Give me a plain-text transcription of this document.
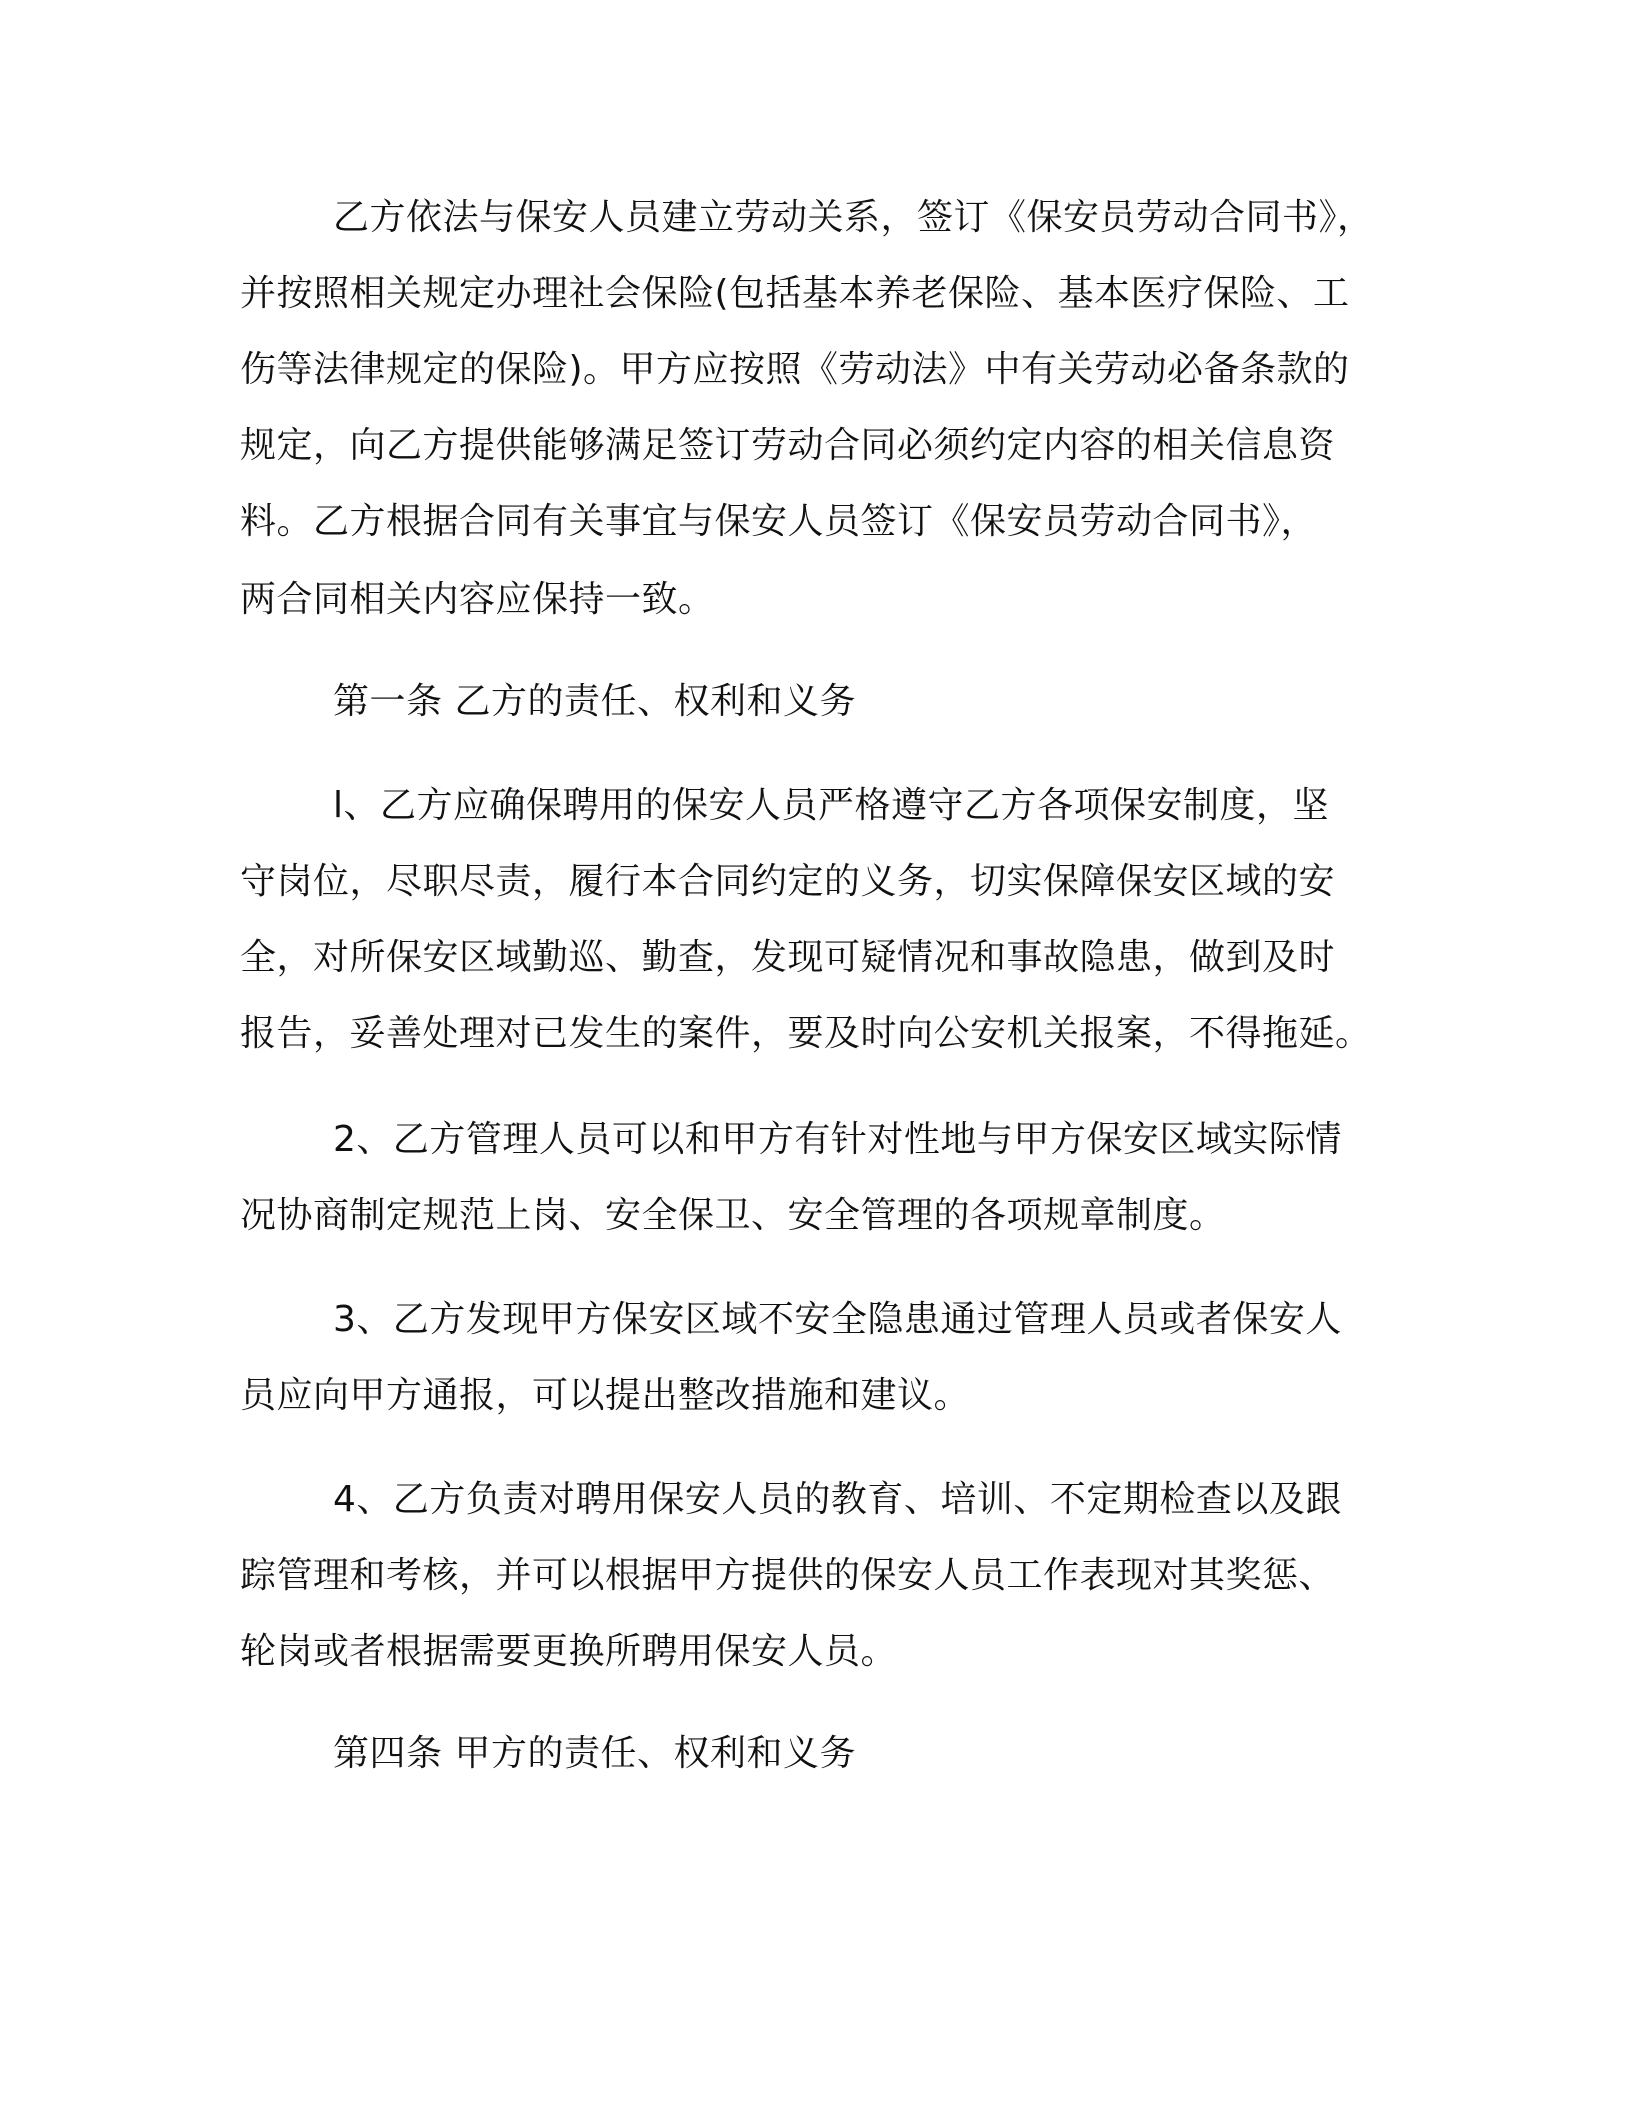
乙方依法与保安人员建立劳动关系，签订《保安员劳动合同书》，
并按照相关规定办理社会保险(包括基本养老保险、基本医疗保险、工
伤等法律规定的保险)。甲方应按照《劳动法》中有关劳动必备条款的
规定，向乙方提供能够满足签订劳动合同必须约定内容的相关信息资
料。乙方根据合同有关事宜与保安人员签订《保安员劳动合同书》，
两合同相关内容应保持一致。
第一条 乙方的责任、权利和义务
l、乙方应确保聘用的保安人员严格遵守乙方各项保安制度，坚
守岗位，尽职尽责，履行本合同约定的义务，切实保障保安区域的安
全，对所保安区域勤巡、勤查，发现可疑情况和事故隐患，做到及时
报告，妥善处理对已发生的案件，要及时向公安机关报案，不得拖延。
2、乙方管理人员可以和甲方有针对性地与甲方保安区域实际情
况协商制定规范上岗、安全保卫、安全管理的各项规章制度。
3、乙方发现甲方保安区域不安全隐患通过管理人员或者保安人
员应向甲方通报，可以提出整改措施和建议。
4、乙方负责对聘用保安人员的教育、培训、不定期检查以及跟
踪管理和考核，并可以根据甲方提供的保安人员工作表现对其奖惩、
轮岗或者根据需要更换所聘用保安人员。
第四条 甲方的责任、权利和义务
